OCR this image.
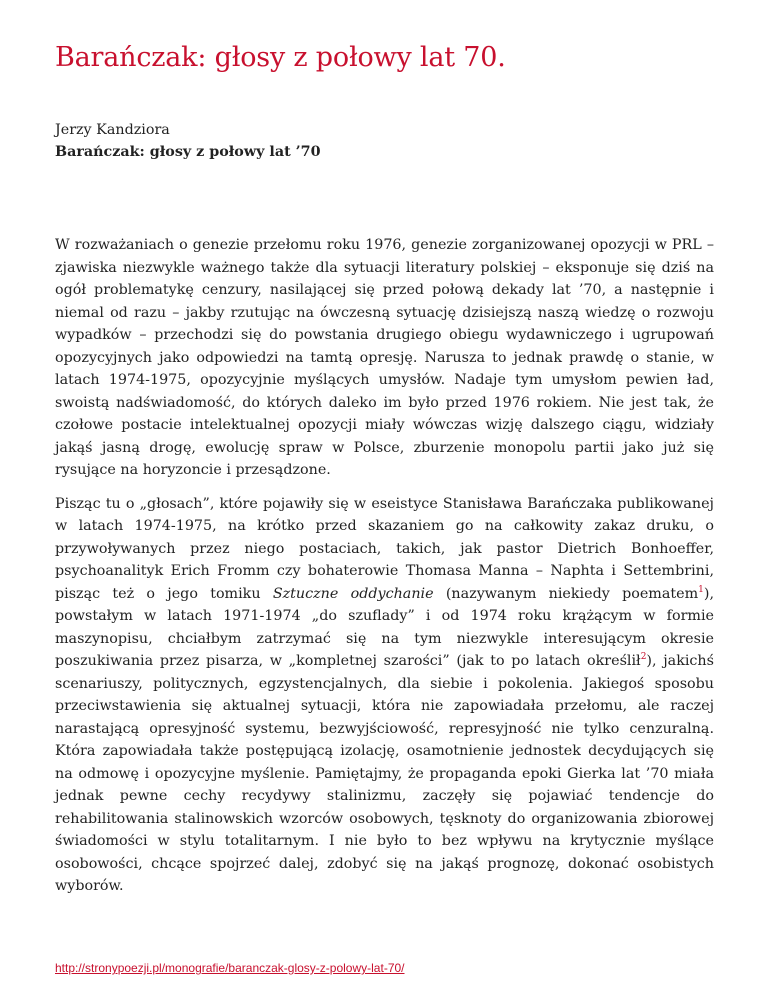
Barańczak: głosy z połowy lat 70.
Jerzy Kandziora
Barańczak: głosy z połowy lat ’70

W rozważaniach o genezie przełomu roku 1976, genezie zorganizowanej opozycji w PRL – zjawiska niezwykle ważnego także dla sytuacji literatury polskiej – eksponuje się dziś na ogół problematykę cenzury, nasilającej się przed połową dekady lat ’70, a następnie i niemal od razu – jakby rzutując na ówczesną sytuację dzisiejszą naszą wiedzę o rozwoju wypadków – przechodzi się do powstania drugiego obiegu wydawniczego i ugrupowań opozycyjnych jako odpowiedzi na tamtą opresję. Narusza to jednak prawdę o stanie, w latach 1974-1975, opozycyjnie myślących umysłów. Nadaje tym umysłom pewien ład, swoistą nadświadomość, do których daleko im było przed 1976 rokiem. Nie jest tak, że czołowe postacie intelektualnej opozycji miały wówczas wizję dalszego ciągu, widziały jakąś jasną drogę, ewolucję spraw w Polsce, zburzenie monopolu partii jako już się rysujące na horyzoncie i przesądzone.

Pisząc tu o „głosach”, które pojawiły się w eseistyce Stanisława Barańczaka publikowanej w latach 1974-1975, na krótko przed skazaniem go na całkowity zakaz druku, o przywoływanych przez niego postaciach, takich, jak pastor Dietrich Bonhoeffer, psychoanalityk Erich Fromm czy bohaterowie Thomasa Manna – Naphta i Settembrini, pisząc też o jego tomiku Sztuczne oddychanie (nazywanym niekiedy poematem$^1$), powstałym w latach 1971-1974 „do szuflady” i od 1974 roku krążącym w formie maszynopisu, chciałbym zatrzymać się na tym niezwykle interesującym okresie poszukiwania przez pisarza, w „kompletnej szarości” (jak to po latach określił$^2$), jakichś scenariuszy, politycznych, egzystencjalnych, dla siebie i pokolenia. Jakiegoś sposobu przeciwstawienia się aktualnej sytuacji, która nie zapowiadała przełomu, ale raczej narastającą opresyjność systemu, bezwyjściowość, represyjność nie tylko cenzuralną. Która zapowiadała także postępującą izolację, osamotnienie jednostek decydujących się na odmowę i opozycyjne myślenie. Pamiętajmy, że propaganda epoki Gierka lat ’70 miała jednak pewne cechy recydywy stalinizmu, zaczęły się pojawiać tendencje do rehabilitowania stalinowskich wzorców osobowych, tęsknoty do organizowania zbiorowej świadomości w stylu totalitarnym. I nie było to bez wpływu na krytycznie myślące osobowości, chcące spojrzeć dalej, zdobyć się na jakąś prognozę, dokonać osobistych wyborów.

http://stronypoezji.pl/monografie/baranczak-glosy-z-polowy-lat-70/
